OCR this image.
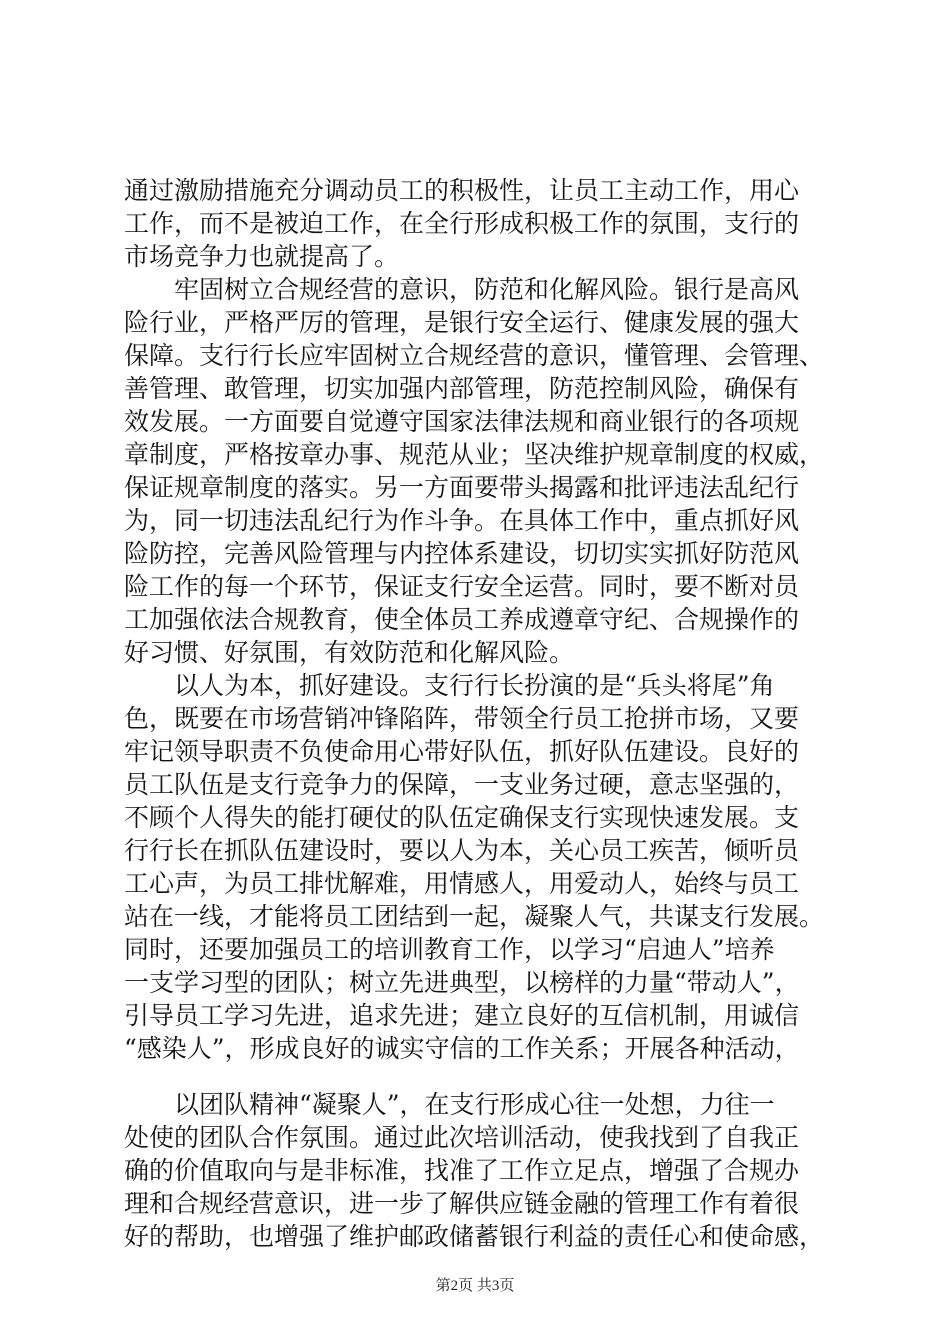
通过激励措施充分调动员工的积极性，让员工主动工作，用心
工作，而不是被迫工作，在全行形成积极工作的氛围，支行的
市场竞争力也就提高了。
牢固树立合规经营的意识，防范和化解风险。银行是高风
险行业，严格严厉的管理，是银行安全运行、健康发展的强大
保障。支行行长应牢固树立合规经营的意识，懂管理、会管理、
善管理、敢管理，切实加强内部管理，防范控制风险，确保有
效发展。一方面要自觉遵守国家法律法规和商业银行的各项规
章制度，严格按章办事、规范从业；坚决维护规章制度的权威，
保证规章制度的落实。另一方面要带头揭露和批评违法乱纪行
为，同一切违法乱纪行为作斗争。在具体工作中，重点抓好风
险防控，完善风险管理与内控体系建设，切切实实抓好防范风
险工作的每一个环节，保证支行安全运营。同时，要不断对员
工加强依法合规教育，使全体员工养成遵章守纪、合规操作的
好习惯、好氛围，有效防范和化解风险。
以人为本，抓好建设。支行行长扮演的是“兵头将尾”角
色，既要在市场营销冲锋陷阵，带领全行员工抢拼市场，又要
牢记领导职责不负使命用心带好队伍，抓好队伍建设。良好的
员工队伍是支行竞争力的保障，一支业务过硬，意志坚强的，
不顾个人得失的能打硬仗的队伍定确保支行实现快速发展。支
行行长在抓队伍建设时，要以人为本，关心员工疾苦，倾听员
工心声，为员工排忧解难，用情感人，用爱动人，始终与员工
站在一线，才能将员工团结到一起，凝聚人气，共谋支行发展。
同时，还要加强员工的培训教育工作，以学习“启迪人”培养
一支学习型的团队；树立先进典型，以榜样的力量“带动人”，
引导员工学习先进，追求先进；建立良好的互信机制，用诚信
“感染人”，形成良好的诚实守信的工作关系；开展各种活动，
以团队精神“凝聚人”，在支行形成心往一处想，力往一
处使的团队合作氛围。通过此次培训活动，使我找到了自我正
确的价值取向与是非标准，找准了工作立足点，增强了合规办
理和合规经营意识，进一步了解供应链金融的管理工作有着很
好的帮助，也增强了维护邮政储蓄银行利益的责任心和使命感，
第2页 共3页
